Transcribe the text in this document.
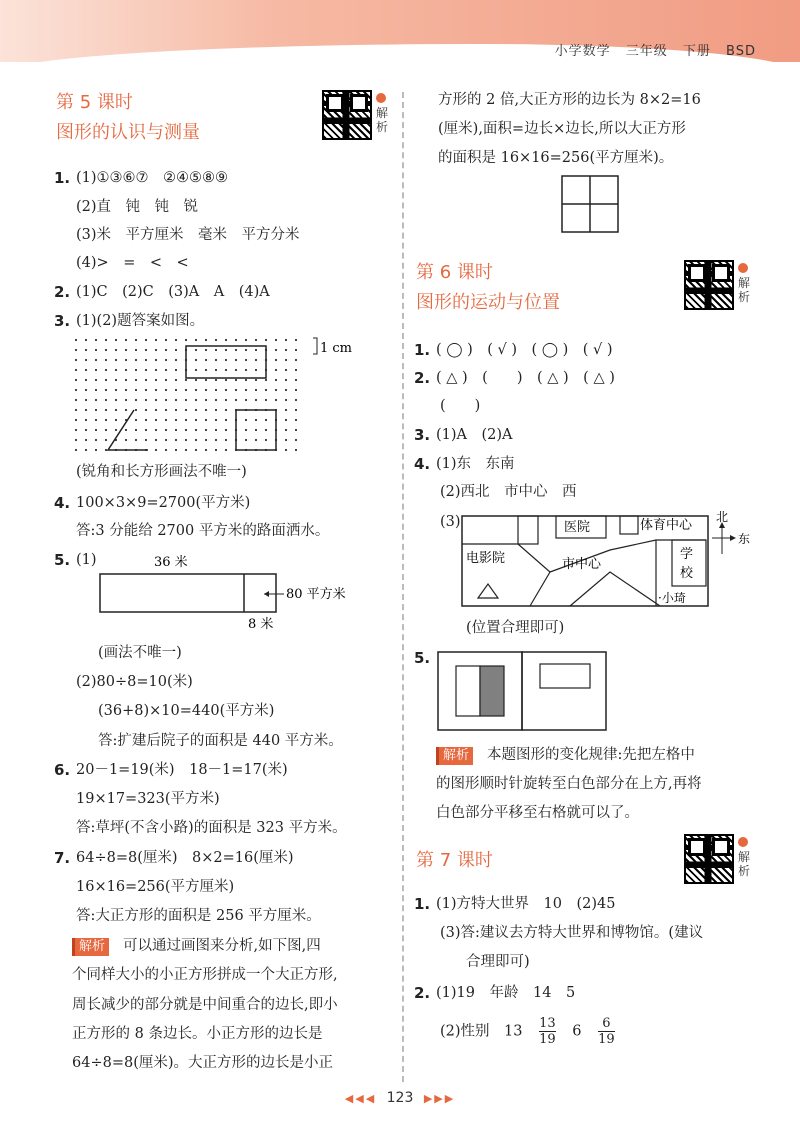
小学数学 三年级 下册 BSD
第 5 课时
图形的认识与测量

解析
1. (1)①③⑥⑦　②④⑤⑧⑨
(2)直　钝　钝　锐
(3)米　平方厘米　毫米　平方分米
(4)>　=　<　<
2. (1)C　(2)C　(3)A　A　(4)A
3. (1)(2)题答案如图。
1 cm
(锐角和长方形画法不唯一)
4. 100×3×9=2700(平方米)
答:3 分能给 2700 平方米的路面洒水。
5. (1)	36 米
80 平方米
8 米
(画法不唯一)
(2)80÷8=10(米)
(36+8)×10=440(平方米)
答:扩建后院子的面积是 440 平方米。
6. 20－1=19(米)　18－1=17(米)
19×17=323(平方米)
答:草坪(不含小路)的面积是 323 平方米。
7. 64÷8=8(厘米)　8×2=16(厘米)
16×16=256(平方厘米)
答:大正方形的面积是 256 平方厘米。
解析 可以通过画图来分析,如下图,四
个同样大小的小正方形拼成一个大正方形,
周长减少的部分就是中间重合的边长,即小
正方形的 8 条边长。小正方形的边长是
64÷8=8(厘米)。大正方形的边长是小正
方形的 2 倍,大正方形的边长为 8×2=16
(厘米),面积=边长×边长,所以大正方形
的面积是 16×16=256(平方厘米)。
第 6 课时
图形的运动与位置

解析
1. ( ◯ )　( √ )　( ◯ )　( √ )
2. ( △ )　(　　)　( △ )　( △ )
(　　)
3. (1)A　(2)A
4. (1)东　东南
(2)西北　市中心　西
(3)	医院	体育中心
学
校
电影院	市中心
·小琦
北
东
(位置合理即可)
5.
解析 本题图形的变化规律:先把左格中
的图形顺时针旋转至白色部分在上方,再将
白色部分平移至右格就可以了。
第 7 课时	解析
1. (1)方特大世界　10　(2)45
(3)答:建议去方特大世界和博物馆。(建议
合理即可)
2. (1)19　年龄　14　5
(2)性别　$13 \frac{13}{19} 6 \frac{6}{19}$
◀◀◀ 123 ▶▶▶
